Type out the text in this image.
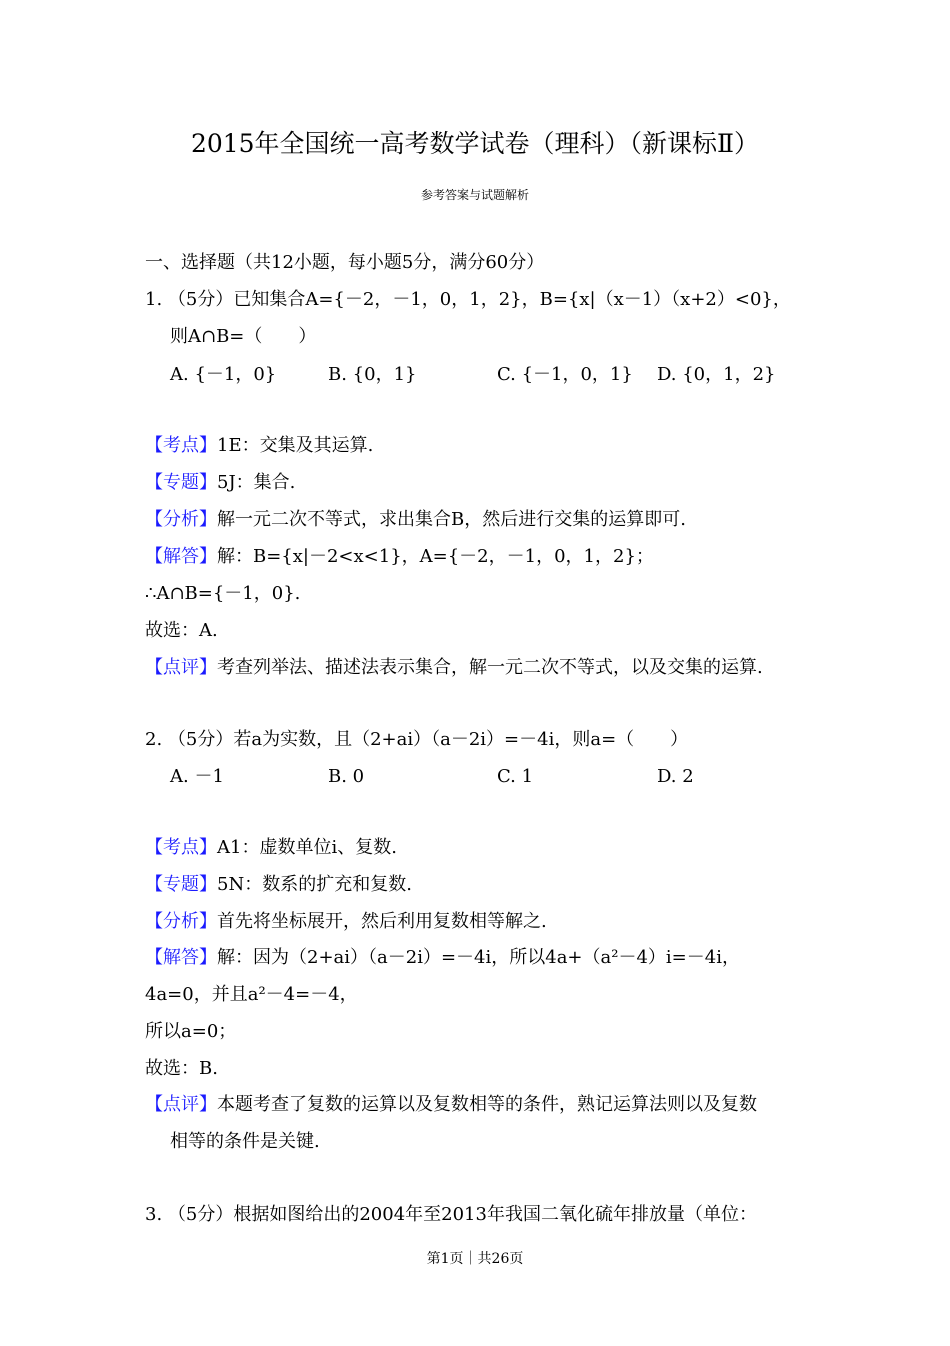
2015年全国统一高考数学试卷（理科）（新课标Ⅱ）
参考答案与试题解析
一、选择题（共12小题，每小题5分，满分60分）
1. （5分）已知集合A={－2，－1，0，1，2}，B={x|（x－1）（x+2）<0}，
则A∩B=（　　）
A. {－1，0}	B. {0，1}	C. {－1，0，1} D. {0，1，2}
【考点】1E：交集及其运算.
【专题】5J：集合.
【分析】解一元二次不等式，求出集合B，然后进行交集的运算即可.
【解答】解：B={x|－2<x<1}，A={－2，－1，0，1，2}；
∴A∩B={－1，0}.
故选：A.
【点评】考查列举法、描述法表示集合，解一元二次不等式，以及交集的运算.
2. （5分）若a为实数，且（2+ai）（a－2i）=－4i，则a=（　　）
A. －1	B. 0	C. 1	D. 2
【考点】A1：虚数单位i、复数.
【专题】5N：数系的扩充和复数.
【分析】首先将坐标展开，然后利用复数相等解之.
【解答】解：因为（2+ai）（a－2i）=－4i，所以4a+（a²－4）i=－4i，
4a=0，并且a²－4=－4，
所以a=0；
故选：B.
【点评】本题考查了复数的运算以及复数相等的条件，熟记运算法则以及复数
相等的条件是关键.
3. （5分）根据如图给出的2004年至2013年我国二氧化硫年排放量（单位：
第1页｜共26页
